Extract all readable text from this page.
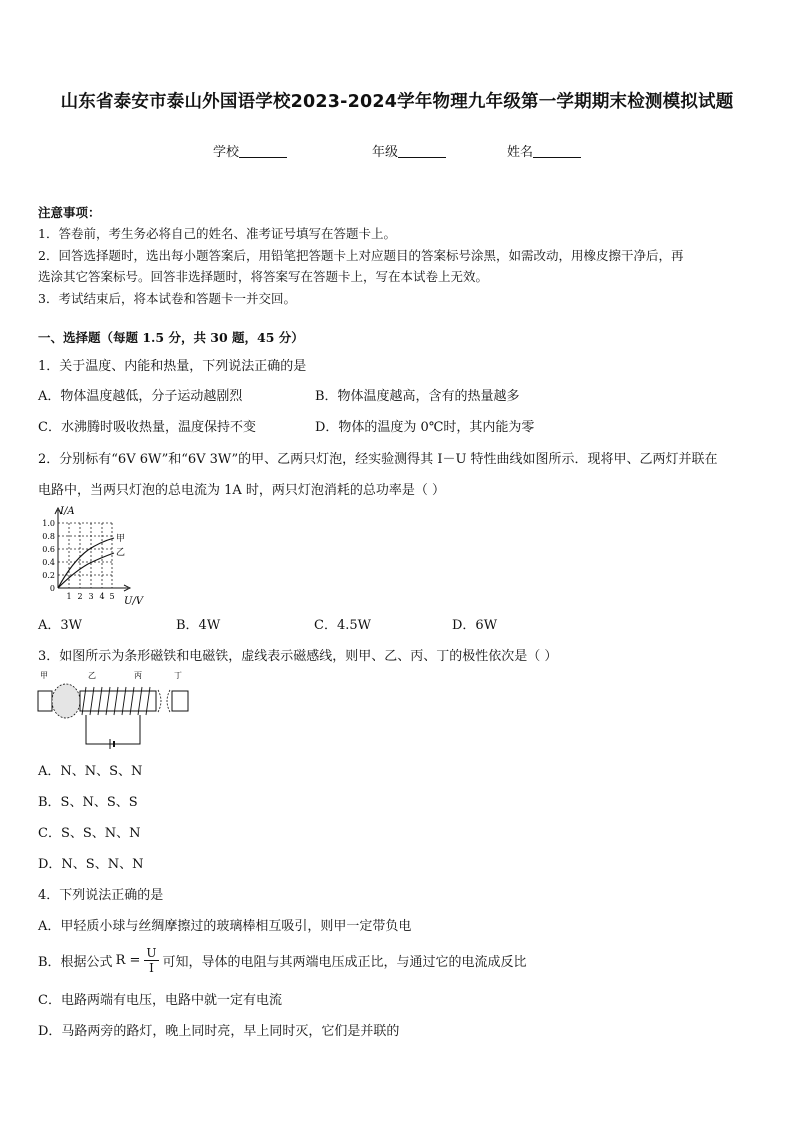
山东省泰安市泰山外国语学校2023-2024学年物理九年级第一学期期末检测模拟试题
学校	年级	姓名
注意事项：
1．答卷前，考生务必将自己的姓名、准考证号填写在答题卡上。
2．回答选择题时，选出每小题答案后，用铅笔把答题卡上对应题目的答案标号涂黑，如需改动，用橡皮擦干净后，再
选涂其它答案标号。回答非选择题时，将答案写在答题卡上，写在本试卷上无效。
3．考试结束后，将本试卷和答题卡一并交回。
一、选择题（每题 1.5 分，共 30 题，45 分）
1．关于温度、内能和热量，下列说法正确的是
A．物体温度越低，分子运动越剧烈	B．物体温度越高，含有的热量越多
C．水沸腾时吸收热量，温度保持不变	D．物体的温度为 0℃时，其内能为零
2．分别标有“6V 6W”和“6V 3W”的甲、乙两只灯泡，经实验测得其 I－U 特性曲线如图所示．现将甲、乙两灯并联在
电路中，当两只灯泡的总电流为 1A 时，两只灯泡消耗的总功率是（ ）
I/A
U/V
1.0
0.8
0.6
0.4
0.2
0
1 2 3 4 5
甲
乙
A．3W	B．4W	C．4.5W	D．6W
3．如图所示为条形磁铁和电磁铁，虚线表示磁感线，则甲、乙、丙、丁的极性依次是（ ）
甲	乙	丙	丁
A．N、N、S、N
B．S、N、S、S
C．S、S、N、N
D．N、S、N、N
4．下列说法正确的是
A．甲轻质小球与丝绸摩擦过的玻璃棒相互吸引，则甲一定带负电
B．根据公式 $R = \frac{U}{I}$ 可知，导体的电阻与其两端电压成正比，与通过它的电流成反比
C．电路两端有电压，电路中就一定有电流
D．马路两旁的路灯，晚上同时亮，早上同时灭，它们是并联的
